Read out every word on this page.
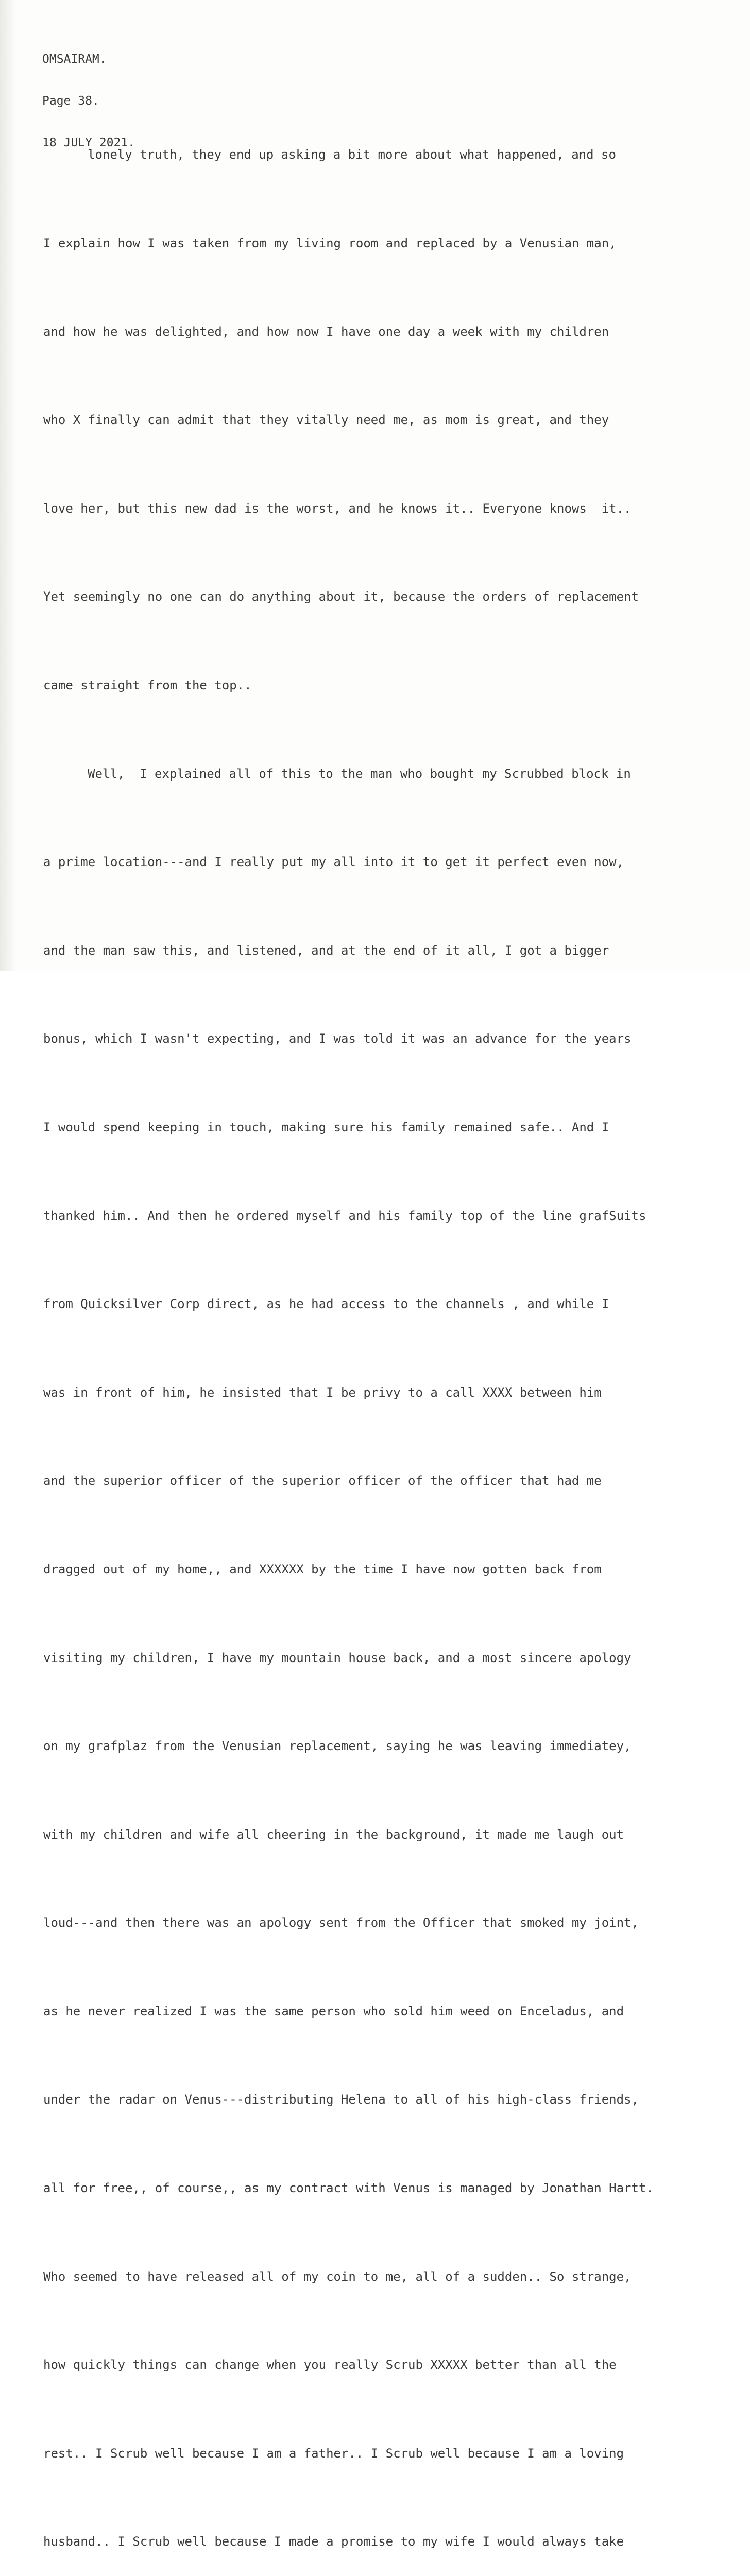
OMSAIRAM.

Page 38.

18 JULY 2021.

lonely truth, they end up asking a bit more about what happened, and so

I explain how I was taken from my living room and replaced by a Venusian man,

and how he was delighted, and how now I have one day a week with my children

who X finally can admit that they vitally need me, as mom is great, and they

love her, but this new dad is the worst, and he knows it.. Everyone knows  it..

Yet seemingly no one can do anything about it, because the orders of replacement

came straight from the top..

Well,  I explained all of this to the man who bought my Scrubbed block in

a prime location---and I really put my all into it to get it perfect even now,

and the man saw this, and listened, and at the end of it all, I got a bigger

bonus, which I wasn't expecting, and I was told it was an advance for the years

I would spend keeping in touch, making sure his family remained safe.. And I

thanked him.. And then he ordered myself and his family top of the line grafSuits

from Quicksilver Corp direct, as he had access to the channels , and while I

was in front of him, he insisted that I be privy to a call XXXX between him

and the superior officer of the superior officer of the officer that had me

dragged out of my home,, and XXXXXX by the time I have now gotten back from

visiting my children, I have my mountain house back, and a most sincere apology

on my grafplaz from the Venusian replacement, saying he was leaving immediatey,

with my children and wife all cheering in the background, it made me laugh out

loud---and then there was an apology sent from the Officer that smoked my joint,

as he never realized I was the same person who sold him weed on Enceladus, and

under the radar on Venus---distributing Helena to all of his high-class friends,

all for free,, of course,, as my contract with Venus is managed by Jonathan Hartt.

Who seemed to have released all of my coin to me, all of a sudden.. So strange,

how quickly things can change when you really Scrub XXXXX better than all the

rest.. I Scrub well because I am a father.. I Scrub well because I am a loving

husband.. I Scrub well because I made a promise to my wife I would always take
